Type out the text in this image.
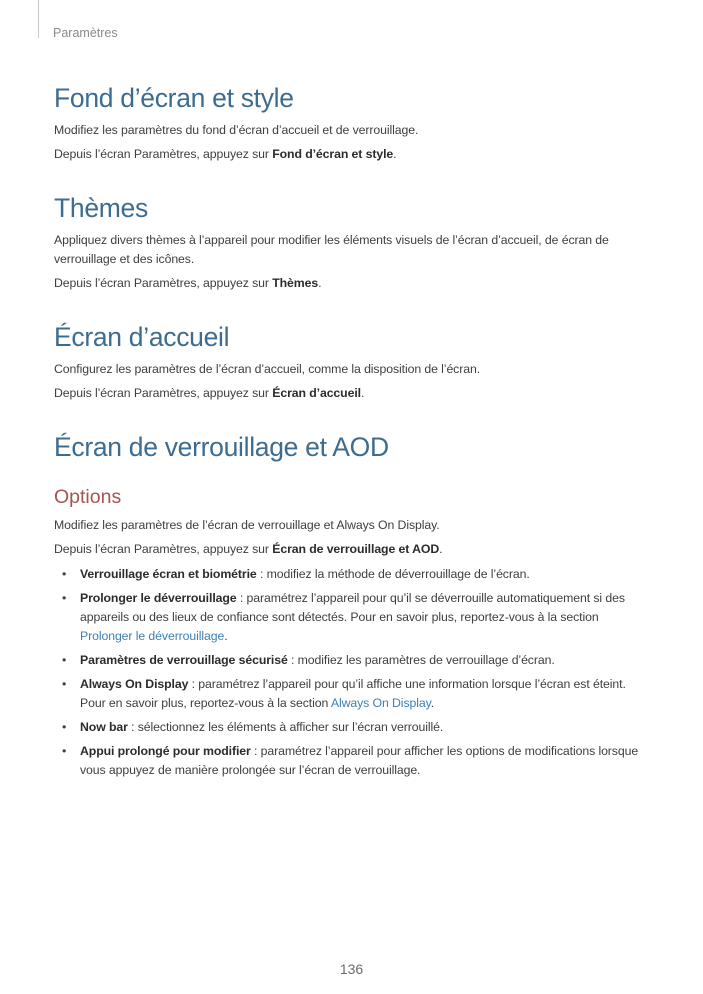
Paramètres
Fond d’écran et style

Modifiez les paramètres du fond d’écran d’accueil et de verrouillage.

Depuis l’écran Paramètres, appuyez sur Fond d’écran et style.

Thèmes

Appliquez divers thèmes à l’appareil pour modifier les éléments visuels de l’écran d’accueil, de écran de verrouillage et des icônes.

Depuis l’écran Paramètres, appuyez sur Thèmes.

Écran d’accueil

Configurez les paramètres de l’écran d’accueil, comme la disposition de l’écran.

Depuis l’écran Paramètres, appuyez sur Écran d’accueil.

Écran de verrouillage et AOD
Options

Modifiez les paramètres de l’écran de verrouillage et Always On Display.

Depuis l’écran Paramètres, appuyez sur Écran de verrouillage et AOD.

• Verrouillage écran et biométrie : modifiez la méthode de déverrouillage de l’écran.
• Prolonger le déverrouillage : paramétrez l’appareil pour qu’il se déverrouille automatiquement si des appareils ou des lieux de confiance sont détectés. Pour en savoir plus, reportez-vous à la section Prolonger le déverrouillage.
• Paramètres de verrouillage sécurisé : modifiez les paramètres de verrouillage d’écran.
• Always On Display : paramétrez l’appareil pour qu’il affiche une information lorsque l’écran est éteint. Pour en savoir plus, reportez-vous à la section Always On Display.
• Now bar : sélectionnez les éléments à afficher sur l’écran verrouillé.
• Appui prolongé pour modifier : paramétrez l’appareil pour afficher les options de modifications lorsque vous appuyez de manière prolongée sur l’écran de verrouillage.
136
